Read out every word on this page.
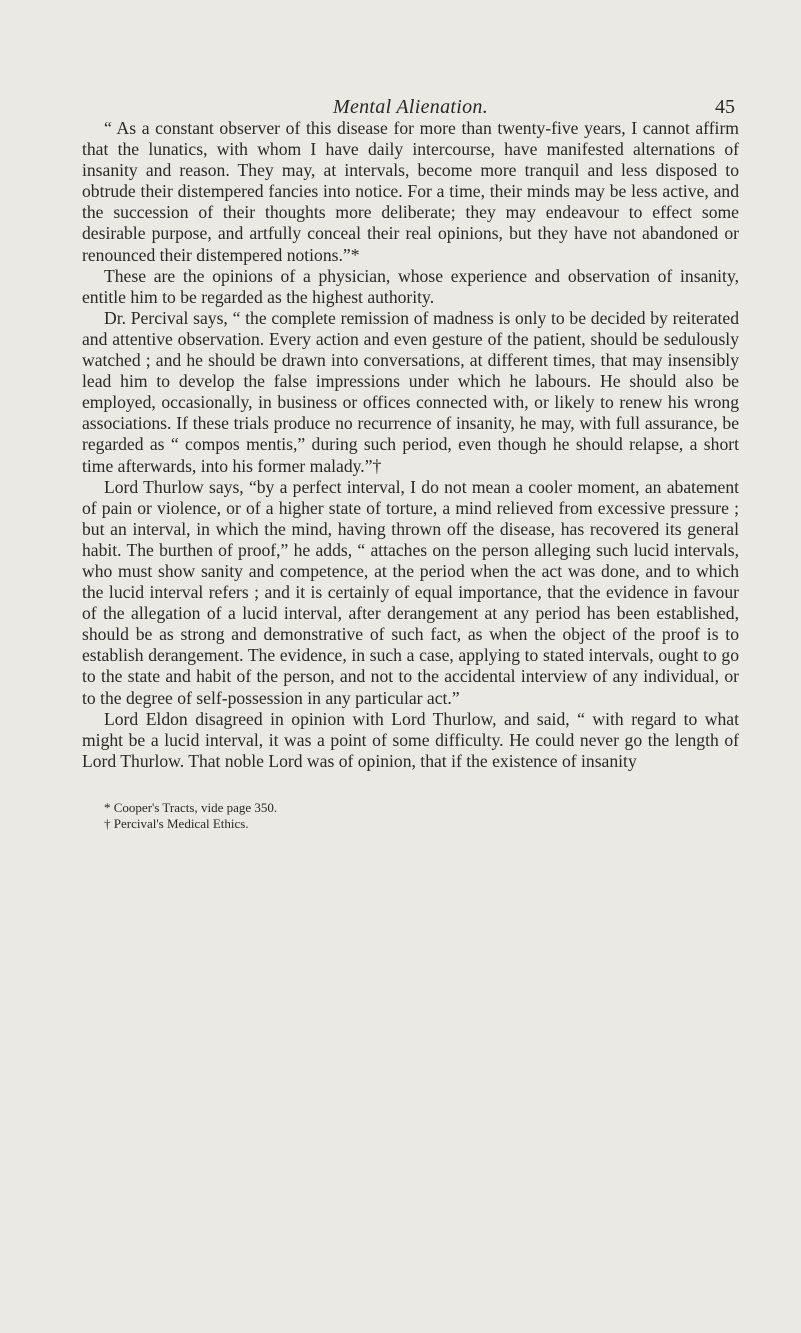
Mental Alienation.	45

“ As a constant observer of this disease for more than twenty-five years, I cannot affirm that the lunatics, with whom I have daily intercourse, have manifested alternations of insanity and reason. They may, at intervals, become more tranquil and less disposed to obtrude their distempered fancies into notice. For a time, their minds may be less active, and the succession of their thoughts more deliberate; they may endeavour to effect some desirable purpose, and artfully conceal their real opinions, but they have not abandoned or renounced their distempered notions.”*

These are the opinions of a physician, whose experience and observation of insanity, entitle him to be regarded as the highest authority.

Dr. Percival says, “ the complete remission of madness is only to be decided by reiterated and attentive observation. Every action and even gesture of the patient, should be sedulously watched ; and he should be drawn into conversations, at different times, that may insensibly lead him to develop the false impressions under which he labours. He should also be employed, occasionally, in business or offices connected with, or likely to renew his wrong associations. If these trials produce no recurrence of insanity, he may, with full assurance, be regarded as “ compos mentis,” during such period, even though he should relapse, a short time afterwards, into his former malady.”†

Lord Thurlow says, “by a perfect interval, I do not mean a cooler moment, an abatement of pain or violence, or of a higher state of torture, a mind relieved from excessive pressure ; but an interval, in which the mind, having thrown off the disease, has recovered its general habit. The burthen of proof,” he adds, “ attaches on the person alleging such lucid intervals, who must show sanity and competence, at the period when the act was done, and to which the lucid interval refers ; and it is certainly of equal importance, that the evidence in favour of the allegation of a lucid interval, after derangement at any period has been established, should be as strong and demonstrative of such fact, as when the object of the proof is to establish derangement. The evidence, in such a case, applying to stated intervals, ought to go to the state and habit of the person, and not to the accidental interview of any individual, or to the degree of self-possession in any particular act.”

Lord Eldon disagreed in opinion with Lord Thurlow, and said, “ with regard to what might be a lucid interval, it was a point of some difficulty. He could never go the length of Lord Thurlow. That noble Lord was of opinion, that if the existence of insanity

* Cooper's Tracts, vide page 350.

† Percival's Medical Ethics.
